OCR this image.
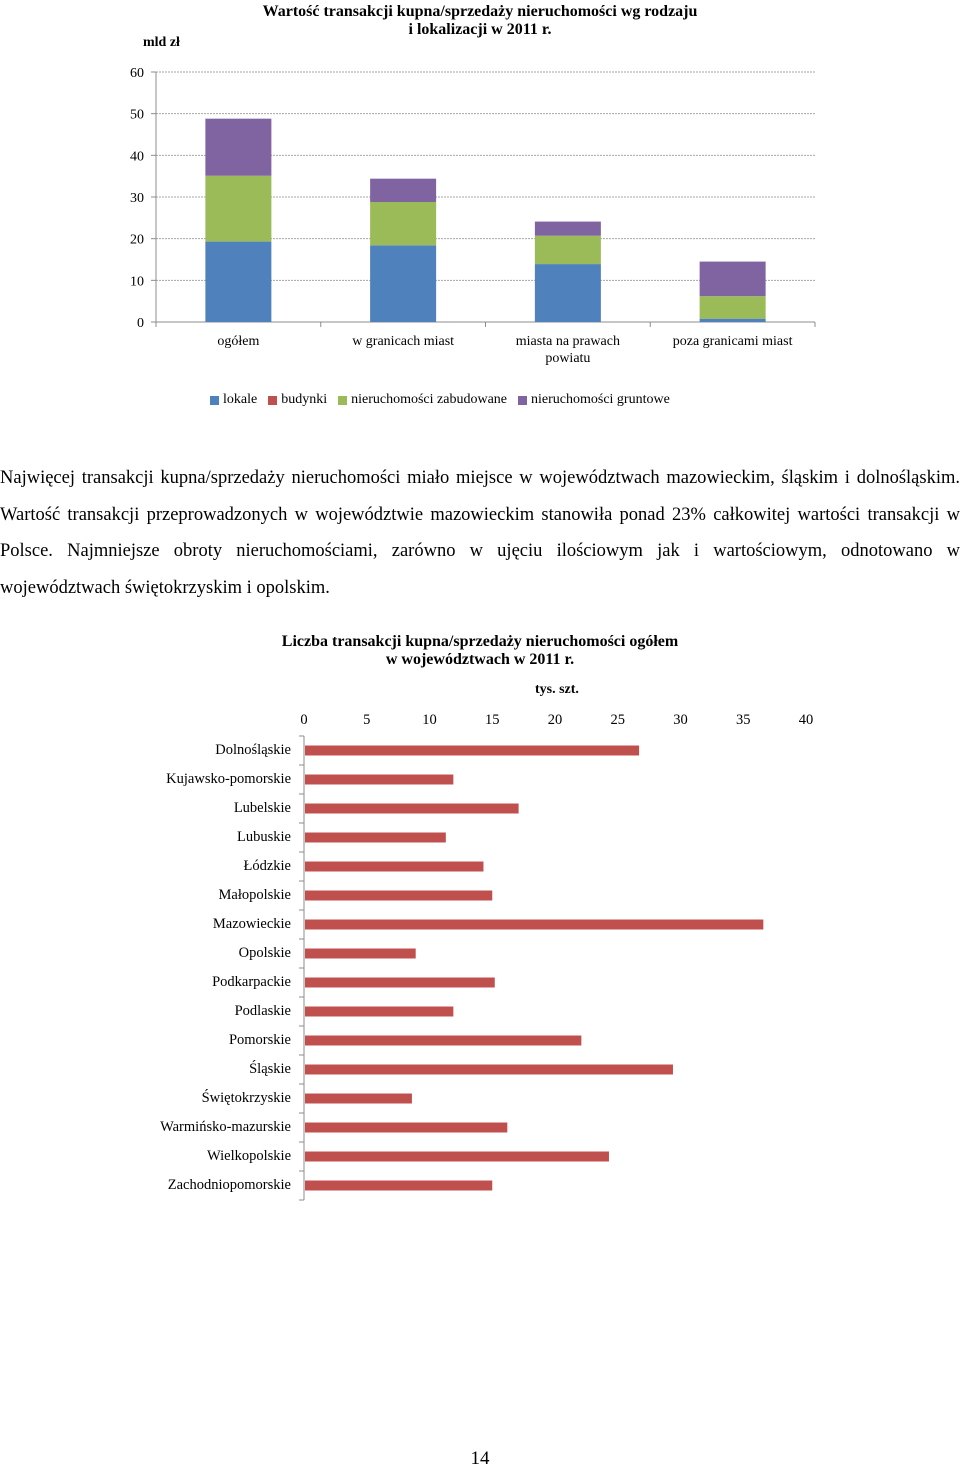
Wartość transakcji kupna/sprzedaży nieruchomości wg rodzaju
i lokalizacji w 2011 r.
mld zł
0
10
20
30
40
50
60
ogółem	w granicach miast	miasta na prawach
powiatu
poza granicami miast
lokale budynki nieruchomości zabudowane nieruchomości gruntowe
Najwięcej transakcji kupna/sprzedaży nieruchomości miało miejsce w województwach mazowieckim, śląskim i dolnośląskim. Wartość transakcji przeprowadzonych w województwie mazowieckim stanowiła ponad 23% całkowitej wartości transakcji w Polsce. Najmniejsze obroty nieruchomościami, zarówno w ujęciu ilościowym jak i wartościowym, odnotowano w województwach świętokrzyskim i opolskim.
Liczba transakcji kupna/sprzedaży nieruchomości ogółem
w województwach w 2011 r.
tys. szt.
0	5	10	15	20	25	30	35	40
Dolnośląskie
Kujawsko-pomorskie
Lubelskie
Lubuskie
Łódzkie
Małopolskie
Mazowieckie
Opolskie
Podkarpackie
Podlaskie
Pomorskie
Śląskie
Świętokrzyskie
Warmińsko-mazurskie
Wielkopolskie
Zachodniopomorskie
14
